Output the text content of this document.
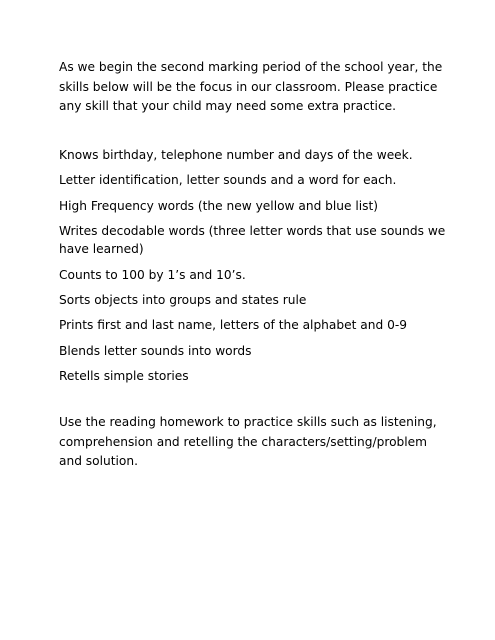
As we begin the second marking period of the school year, the skills below will be the focus in our classroom. Please practice any skill that your child may need some extra practice.

Knows birthday, telephone number and days of the week.
Letter identification, letter sounds and a word for each.
High Frequency words (the new yellow and blue list)
Writes decodable words (three letter words that use sounds we have learned)
Counts to 100 by 1’s and 10’s.
Sorts objects into groups and states rule
Prints first and last name, letters of the alphabet and 0-9
Blends letter sounds into words
Retells simple stories

Use the reading homework to practice skills such as listening, comprehension and retelling the characters/setting/problem and solution.
